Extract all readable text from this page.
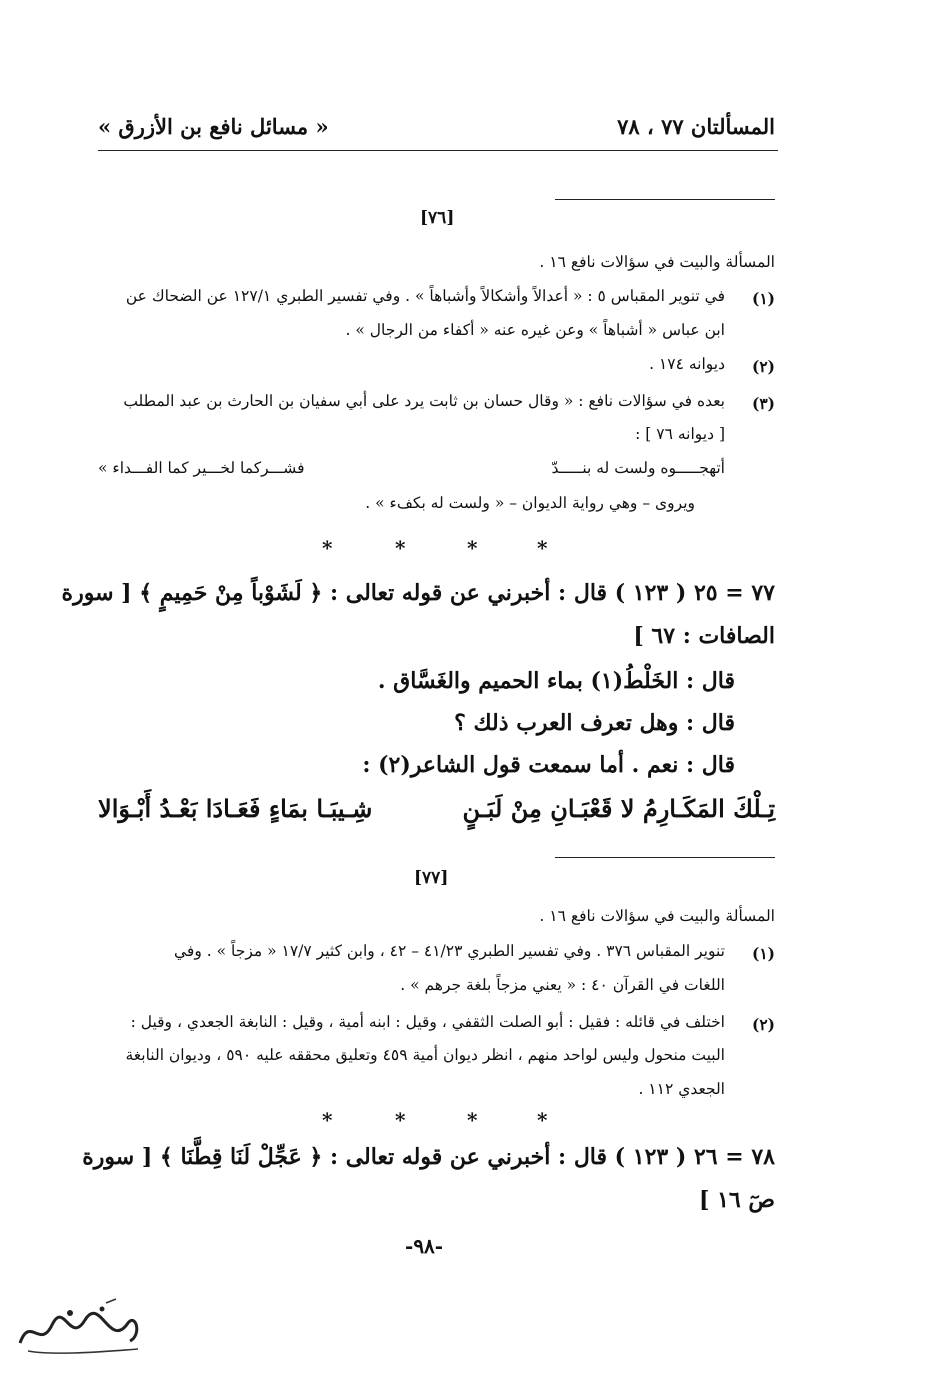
المسألتان ٧٧ ، ٧٨
« مسائل نافع بن الأزرق »
[٧٦]
المسألة والبيت في سؤالات نافع ١٦ .
(١)
في تنوير المقباس ٥ : « أعدالاً وأشكالاً وأشباهاً » . وفي تفسير الطبري ١٢٧/١ عن الضحاك عن
ابن عباس « أشباهاً » وعن غيره عنه « أكفاء من الرجال » .
(٢)
ديوانه ١٧٤ .
(٣)
بعده في سؤالات نافع : « وقال حسان بن ثابت يرد على أبي سفيان بن الحارث بن عبد المطلب
[ ديوانه ٧٦ ] :
أتهجـــــوه ولست له بنـــــدّ
فشـــركما لخـــير كما الفـــداء »
ويروى – وهي رواية الديوان – « ولست له بكفء » .
*	*	*	*
٧٧ = ٢٥ ( ١٢٣ ) قال : أخبرني عن قوله تعالى : ﴿ لَشَوْباً مِنْ حَمِيمٍ ﴾ [ سورة
الصافات : ٦٧ ]
قال : الخَلْطُ(١) بماء الحميم والغَسَّاق .
قال : وهل تعرف العرب ذلك ؟
قال : نعم . أما سمعت قول الشاعر(٢) :
تِـلْكَ المَكَـارِمُ لا قَعْبَـانِ مِنْ لَبَـنٍ
شِـيبَـا بمَاءٍ فَعَـادَا بَعْـدُ أَبْـوَالا
[٧٧]
المسألة والبيت في سؤالات نافع ١٦ .
(١)
تنوير المقباس ٣٧٦ . وفي تفسير الطبري ٤١/٢٣ – ٤٢ ، وابن كثير ١٧/٧ « مزجاً » . وفي
اللغات في القرآن ٤٠ : « يعني مزجاً بلغة جرهم » .
(٢)
اختلف في قائله : فقيل : أبو الصلت الثقفي ، وقيل : ابنه أمية ، وقيل : النابغة الجعدي ، وقيل :
البيت منحول وليس لواحد منهم ، انظر ديوان أمية ٤٥٩ وتعليق محققه عليه ٥٩٠ ، وديوان النابغة
الجعدي ١١٢ .
*	*	*	*
٧٨ = ٢٦ ( ١٢٣ ) قال : أخبرني عن قوله تعالى : ﴿ عَجِّلْ لَنَا قِطَّنَا ﴾ [ سورة
صٓ ١٦ ]
-٩٨-
